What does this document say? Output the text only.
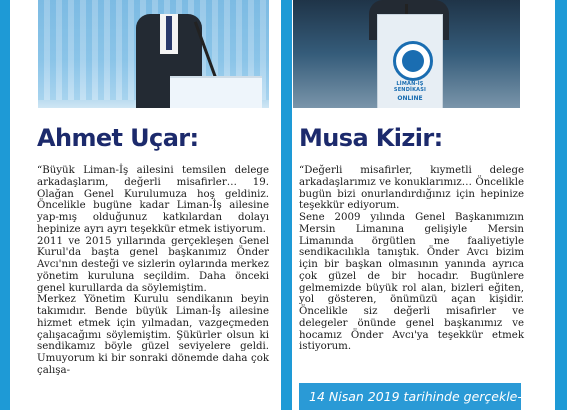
LİMAN-İŞ SENDİKASI
ONLINE
Ahmet Uçar:	Musa Kizir:

“Büyük Liman-İş ailesini temsilen delege arkadaşlarım, değerli misafirler… 19. Olağan Genel Kurulumuza hoş geldiniz. Öncelikle bugüne kadar Liman-İş ailesine yap-mış olduğunuz katkılardan dolayı hepinize ayrı ayrı teşekkür etmek istiyorum.

2011 ve 2015 yıllarında gerçekleşen Genel Kurul'da başta genel başkanımız Önder Avcı'nın desteği ve sizlerin oylarında merkez yönetim kuruluna seçildim. Daha önceki genel kurullarda da söylemiştim.

Merkez Yönetim Kurulu sendikanın beyin takımıdır. Bende büyük Liman-İş ailesine hizmet etmek için yılmadan, vazgeçmeden çalışacağımı söylemiştim. Şükürler olsun ki sendikamız böyle güzel seviyelere geldi. Umuyorum ki bir sonraki dönemde daha çok çalışa-

“Değerli misafirler, kıymetli delege arkadaşlarımız ve konuklarımız… Öncelikle bugün bizi onurlandırdığınız için hepinize teşekkür ediyorum.

Sene 2009 yılında Genel Başkanımızın Mersin Limanına gelişiyle Mersin Limanında örgütlen me faaliyetiyle sendikacılıkla tanıştık. Önder Avcı bizim için bir başkan olmasının yanında ayrıca çok güzel de bir hocadır. Bugünlere gelmemizde büyük rol alan, bizleri eğiten, yol gösteren, önümüzü açan kişidir. Öncelikle siz değerli misafirler ve delegeler önünde genel başkanımız ve hocamız Önder Avcı'ya teşekkür etmek istiyorum.

14 Nisan 2019 tarihinde gerçekle-
